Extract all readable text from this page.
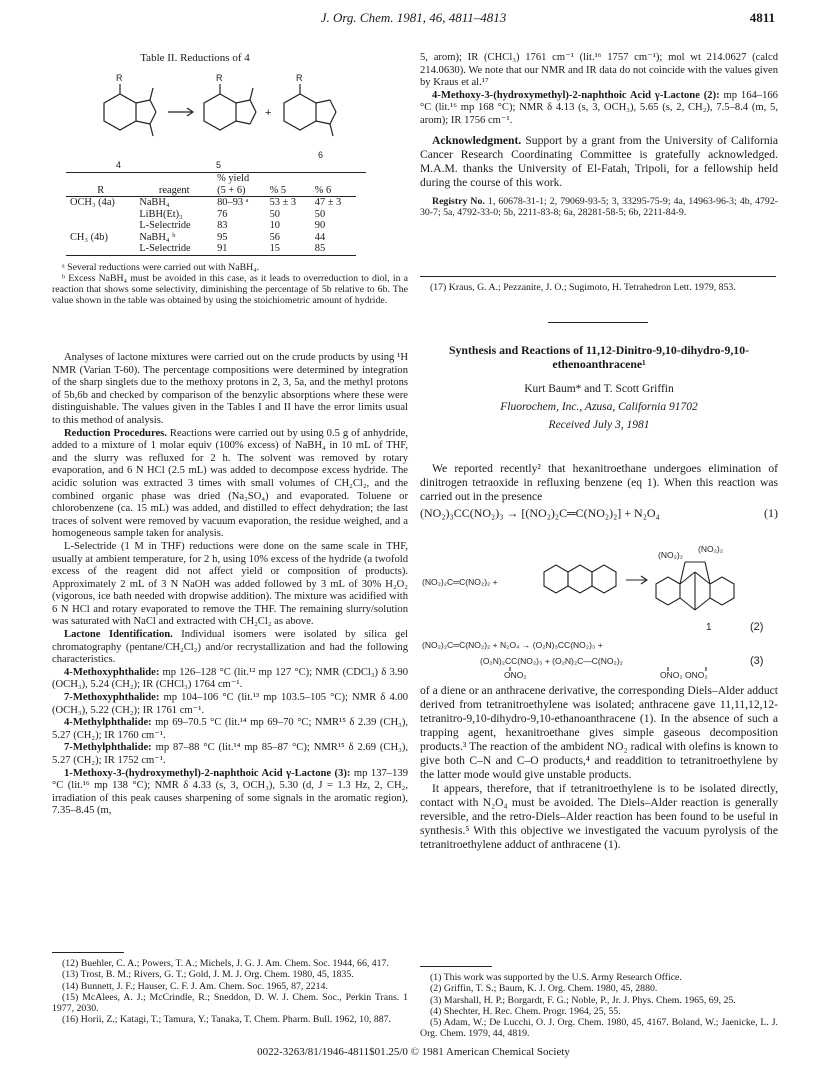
J. Org. Chem. 1981, 46, 4811–4813	4811
Table II. Reductions of 4
R	R	R
+
4	5
6
		% yield		
R	reagent	(5 + 6)	% 5	% 6
OCH₃ (4a)	NaBH₄	80–93 ᵃ	53 ± 3	47 ± 3
	LiBH(Et)₃	76	50	50
	L-Selectride	83	10	90
CH₃ (4b)	NaBH₄ ᵇ	95	56	44
	L-Selectride	91	15	85

ᵃ Several reductions were carried out with NaBH₄.

ᵇ Excess NaBH₄ must be avoided in this case, as it leads to overreduction to diol, in a reaction that shows some selectivity, diminishing the percentage of 5b relative to 6b. The value shown in the table was obtained by using the stoichiometric amount of hydride.

Analyses of lactone mixtures were carried out on the crude products by using ¹H NMR (Varian T-60). The percentage compositions were determined by integration of the sharp singlets due to the methoxy protons in 2, 3, 5a, and the methyl protons of 5b,6b and checked by comparison of the benzylic absorptions where these were distinguishable. The values given in the Tables I and II have the error limits usual to this method of analysis.

Reduction Procedures. Reactions were carried out by using 0.5 g of anhydride, added to a mixture of 1 molar equiv (100% excess) of NaBH₄ in 10 mL of THF, and the slurry was refluxed for 2 h. The solvent was removed by rotary evaporation, and 6 N HCl (2.5 mL) was added to decompose excess hydride. The acidic solution was extracted 3 times with small volumes of CH₂Cl₂, and the combined organic phase was dried (Na₂SO₄) and evaporated. Toluene or chlorobenzene (ca. 15 mL) was added, and distilled to effect dehydration; the last traces of solvent were removed by vacuum evaporation, the residue weighed, and a homogeneous sample taken for analysis.

L-Selectride (1 M in THF) reductions were done on the same scale in THF, usually at ambient temperature, for 2 h, using 10% excess of the hydride (a twofold excess of the reagent did not affect yield or composition of products). Approximately 2 mL of 3 N NaOH was added followed by 3 mL of 30% H₂O₂ (vigorous, ice bath needed with dropwise addition). The mixture was acidified with 6 N HCl and rotary evaporated to remove the THF. The remaining slurry/solution was saturated with NaCl and extracted with CH₂Cl₂ as above.

Lactone Identification. Individual isomers were isolated by silica gel chromatography (pentane/CH₂Cl₂) and/or recrystallization and had the following characteristics.

4-Methoxyphthalide: mp 126–128 °C (lit.¹² mp 127 °C); NMR (CDCl₃) δ 3.90 (OCH₃), 5.24 (CH₂); IR (CHCl₃) 1764 cm⁻¹.

7-Methoxyphthalide: mp 104–106 °C (lit.¹³ mp 103.5–105 °C); NMR δ 4.00 (OCH₃), 5.22 (CH₂); IR 1761 cm⁻¹.

4-Methylphthalide: mp 69–70.5 °C (lit.¹⁴ mp 69–70 °C; NMR¹⁵ δ 2.39 (CH₃), 5.27 (CH₂); IR 1760 cm⁻¹.

7-Methylphthalide: mp 87–88 °C (lit.¹⁴ mp 85–87 °C); NMR¹⁵ δ 2.69 (CH₃), 5.27 (CH₂); IR 1752 cm⁻¹.

1-Methoxy-3-(hydroxymethyl)-2-naphthoic Acid γ-Lactone (3): mp 137–139 °C (lit.¹⁶ mp 138 °C); NMR δ 4.33 (s, 3, OCH₃), 5.30 (d, J = 1.3 Hz, 2, CH₂, irradiation of this peak causes sharpening of some signals in the aromatic region), 7.35–8.45 (m,

(12) Buehler, C. A.; Powers, T. A.; Michels, J. G. J. Am. Chem. Soc. 1944, 66, 417.

(13) Trost, B. M.; Rivers, G. T.; Gold, J. M. J. Org. Chem. 1980, 45, 1835.

(14) Bunnett, J. F.; Hauser, C. F. J. Am. Chem. Soc. 1965, 87, 2214.

(15) McAlees, A. J.; McCrindle, R.; Sneddon, D. W. J. Chem. Soc., Perkin Trans. 1 1977, 2030.

(16) Horii, Z.; Katagi, T.; Tamura, Y.; Tanaka, T. Chem. Pharm. Bull. 1962, 10, 887.

5, arom); IR (CHCl₃) 1761 cm⁻¹ (lit.¹⁶ 1757 cm⁻¹); mol wt 214.0627 (calcd 214.0630). We note that our NMR and IR data do not coincide with the values given by Kraus et al.¹⁷

4-Methoxy-3-(hydroxymethyl)-2-naphthoic Acid γ-Lactone (2): mp 164–166 °C (lit.¹⁶ mp 168 °C); NMR δ 4.13 (s, 3, OCH₃), 5.65 (s, 2, CH₂), 7.5–8.4 (m, 5, arom); IR 1756 cm⁻¹.

Acknowledgment. Support by a grant from the University of California Cancer Research Coordinating Committee is gratefully acknowledged. M.A.M. thanks the University of El-Fatah, Tripoli, for a fellowship held during the course of this work.

Registry No. 1, 60678-31-1; 2, 79069-93-5; 3, 33295-75-9; 4a, 14963-96-3; 4b, 4792-30-7; 5a, 4792-33-0; 5b, 2211-83-8; 6a, 28281-58-5; 6b, 2211-84-9.

(17) Kraus, G. A.; Pezzanite, J. O.; Sugimoto, H. Tetrahedron Lett. 1979, 853.

Synthesis and Reactions of 11,12-Dinitro-9,10-dihydro-9,10-ethenoanthracene¹
Kurt Baum* and T. Scott Griffin
Fluorochem, Inc., Azusa, California 91702
Received July 3, 1981

We reported recently² that hexanitroethane undergoes elimination of dinitrogen tetraoxide in refluxing benzene (eq 1). When this reaction was carried out in the presence

(NO₂)₃CC(NO₂)₃ → [(NO₂)₂C═C(NO₂)₂] + N₂O₄	(1)
(NO₂)₂C═C(NO₂)₂ +
(NO₂)₂
(NO₂)₂
1	(2)
(NO₂)₂C═C(NO₂)₂ + N₂O₄ → (O₂N)₃CC(NO₂)₃ +
(O₂N)₂CC(NO₂)₃ + (O₂N)₂C—C(NO₂)₂	(3)
ONO₂	ONO₂ ONO₂

of a diene or an anthracene derivative, the corresponding Diels–Alder adduct derived from tetranitroethylene was isolated; anthracene gave 11,11,12,12-tetranitro-9,10-dihydro-9,10-ethanoanthracene (1). In the absence of such a trapping agent, hexanitroethane gives simple gaseous decomposition products.³ The reaction of the ambident NO₂ radical with olefins is known to give both C–N and C–O products,⁴ and readdition to tetranitroethylene by the latter mode would give unstable products.

It appears, therefore, that if tetranitroethylene is to be isolated directly, contact with N₂O₄ must be avoided. The Diels–Alder reaction is generally reversible, and the retro-Diels–Alder reaction has been found to be useful in synthesis.⁵ With this objective we investigated the vacuum pyrolysis of the tetranitroethylene adduct of anthracene (1).

(1) This work was supported by the U.S. Army Research Office.

(2) Griffin, T. S.; Baum, K. J. Org. Chem. 1980, 45, 2880.

(3) Marshall, H. P.; Borgardt, F. G.; Noble, P., Jr. J. Phys. Chem. 1965, 69, 25.

(4) Shechter, H. Rec. Chem. Progr. 1964, 25, 55.

(5) Adam, W.; De Lucchi, O. J. Org. Chem. 1980, 45, 4167. Boland, W.; Jaenicke, L. J. Org. Chem. 1979, 44, 4819.

0022-3263/81/1946-4811$01.25/0 © 1981 American Chemical Society
